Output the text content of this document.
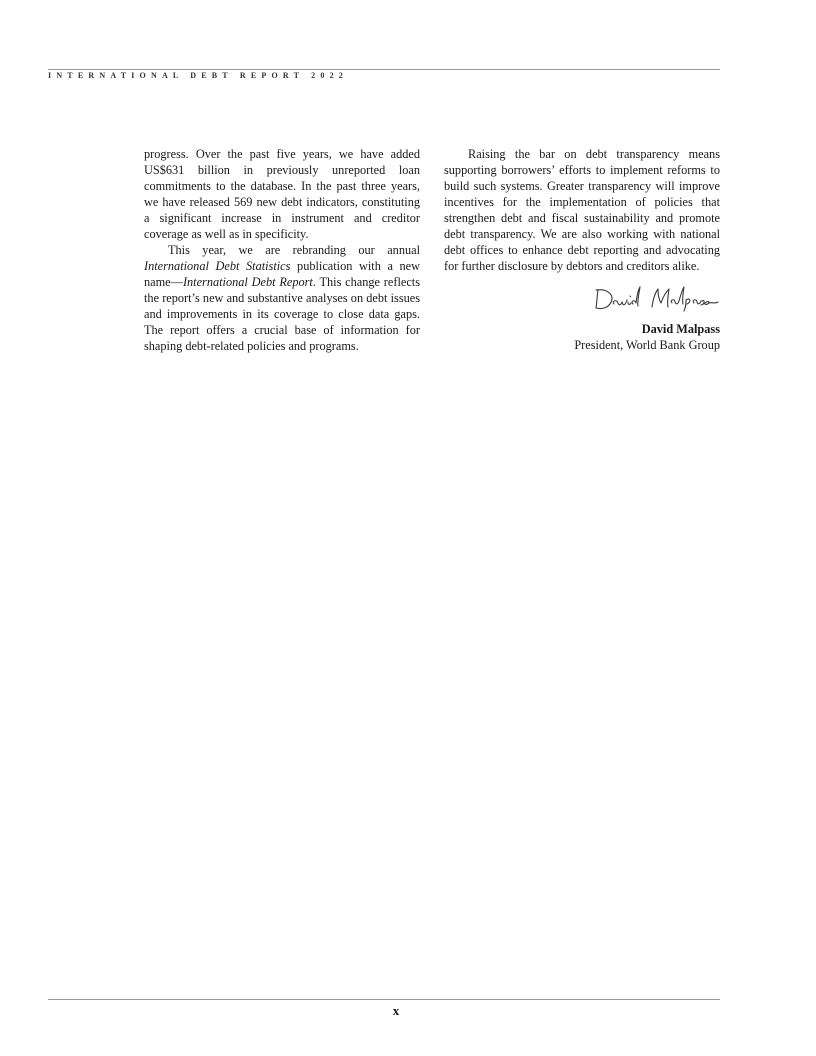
INTERNATIONAL DEBT REPORT 2022

progress. Over the past five years, we have added US$631 billion in previously unreported loan commitments to the database. In the past three years, we have released 569 new debt indicators, constituting a significant increase in instrument and creditor coverage as well as in specificity.

This year, we are rebranding our annual International Debt Statistics publication with a new name—International Debt Report. This change reflects the report’s new and substantive analyses on debt issues and improvements in its coverage to close data gaps. The report offers a crucial base of information for shaping debt-related policies and programs.

Raising the bar on debt transparency means supporting borrowers’ efforts to implement reforms to build such systems. Greater transparency will improve incentives for the implementation of policies that strengthen debt and fiscal sustainability and promote debt transparency. We are also working with national debt offices to enhance debt reporting and advocating for further disclosure by debtors and creditors alike.

David Malpass
President, World Bank Group
x
